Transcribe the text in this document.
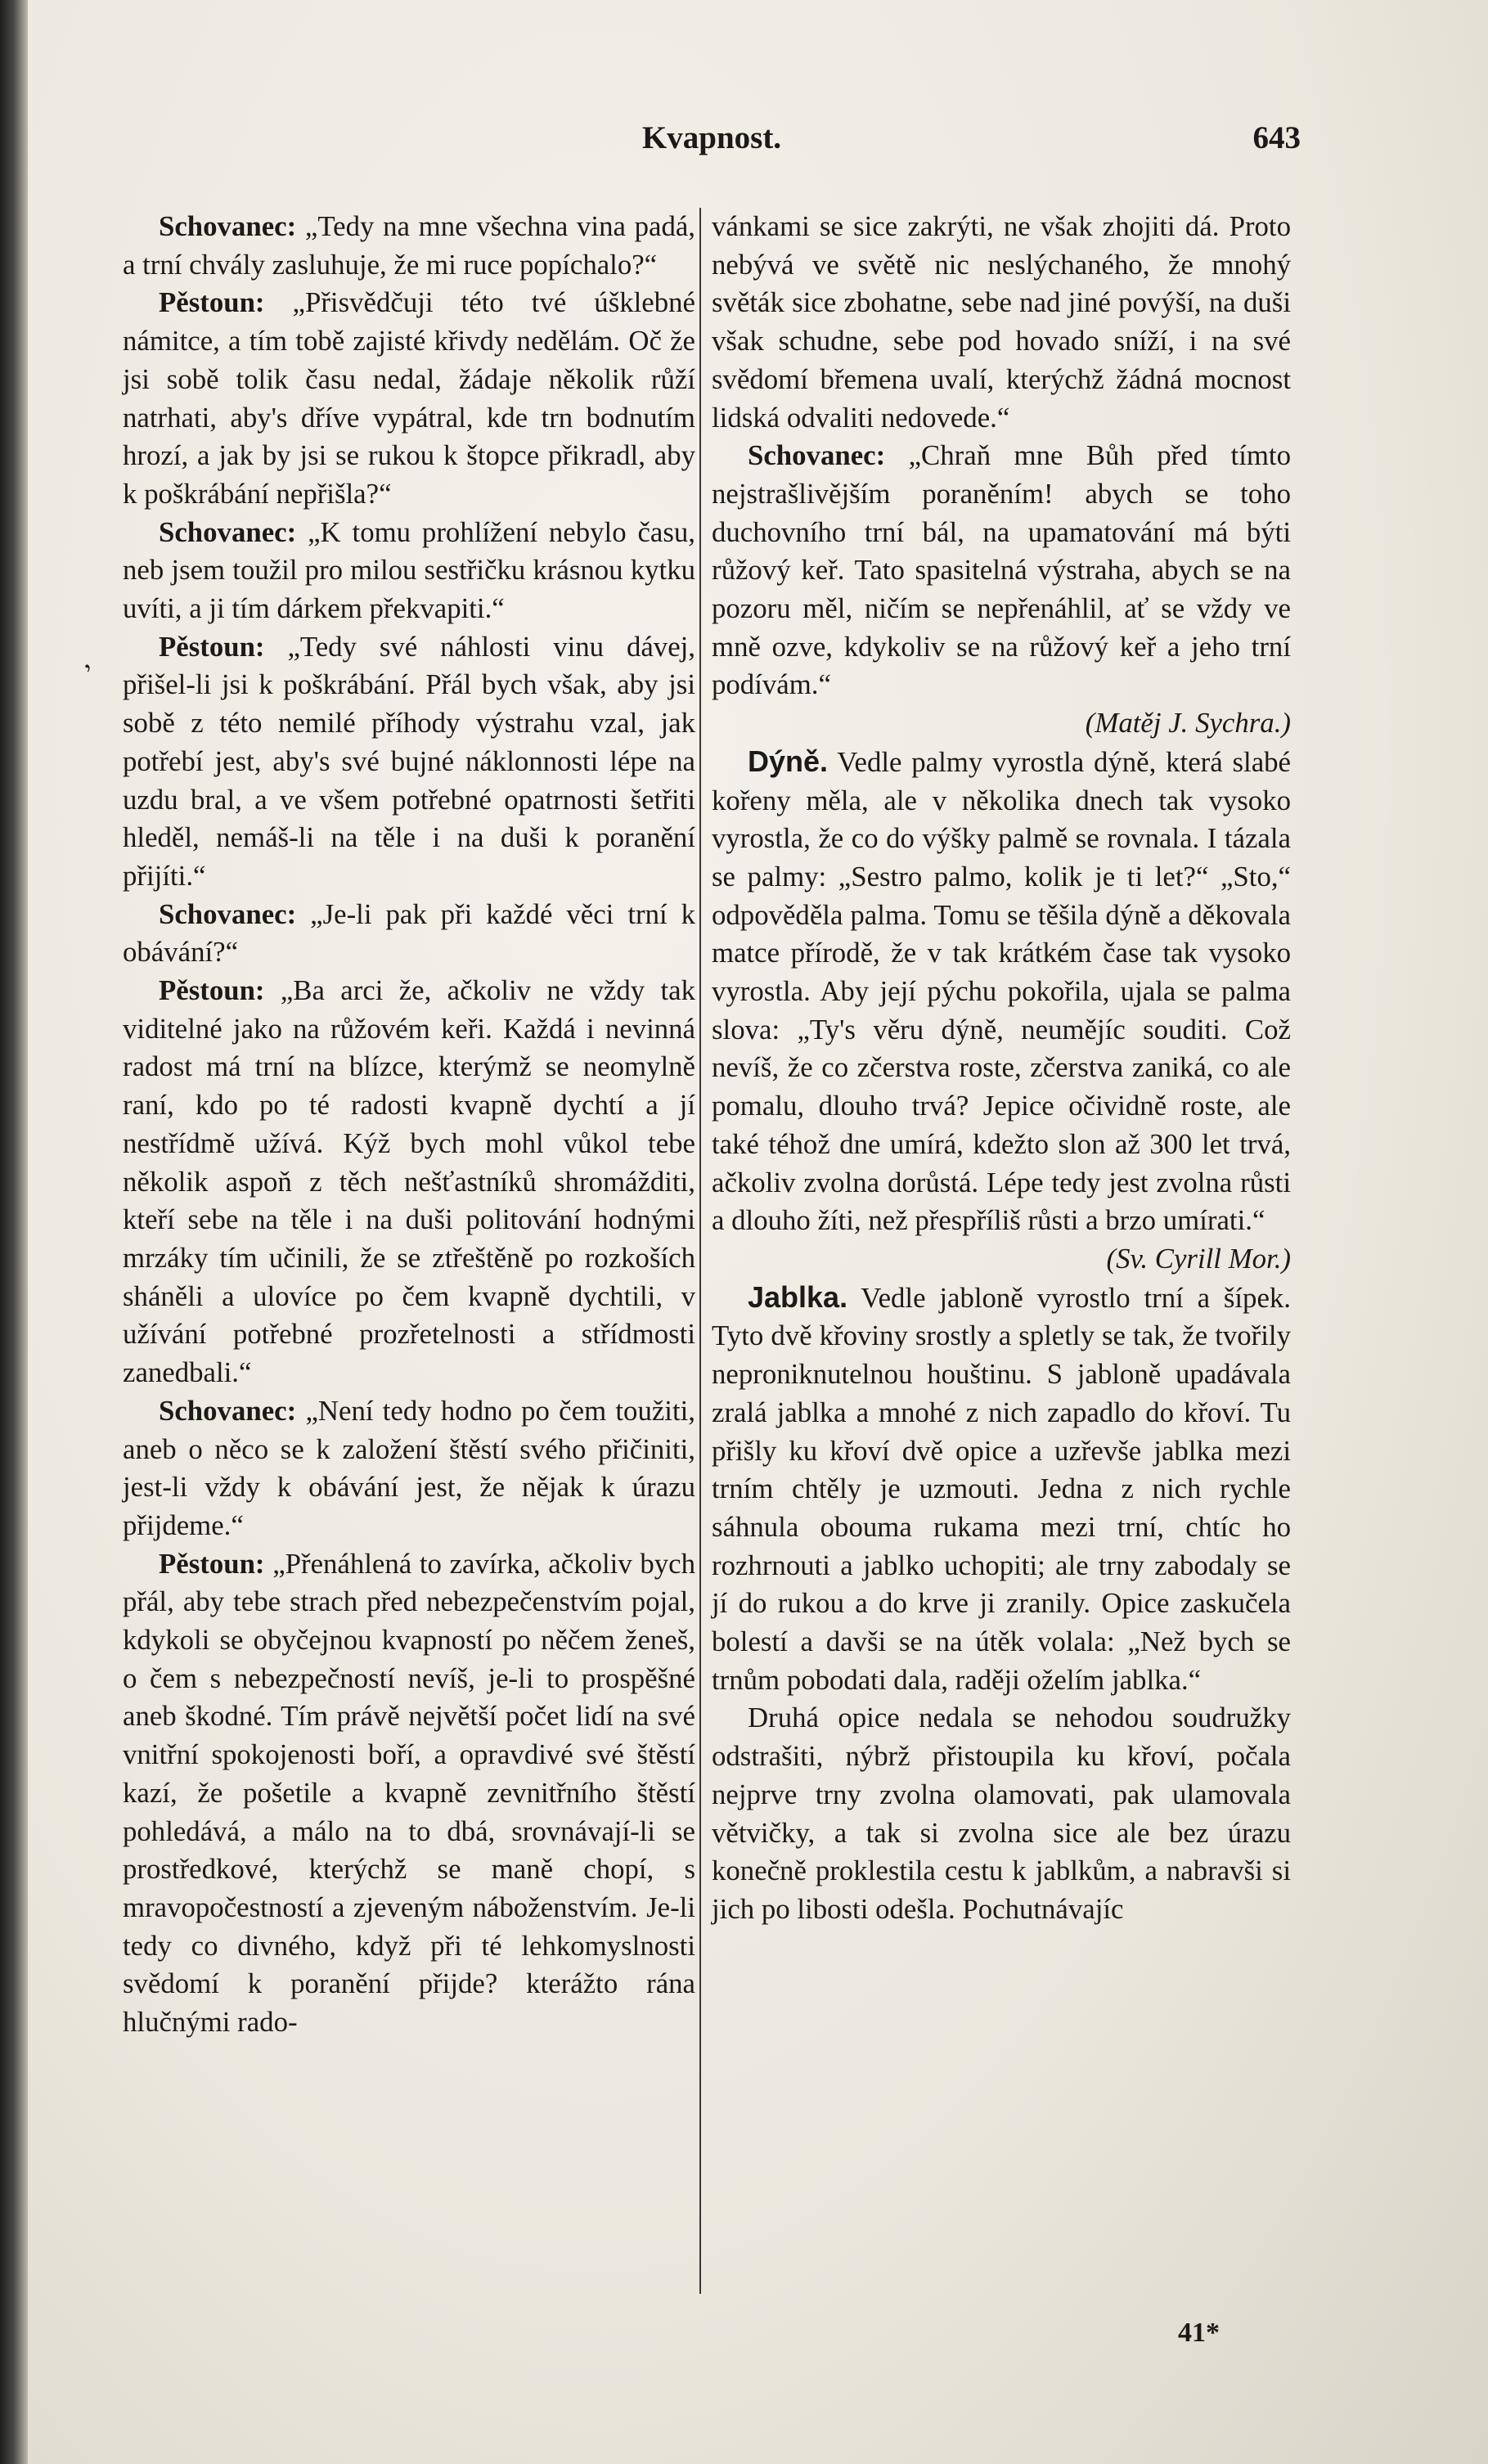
,
Kvapnost.	643

Schovanec: „Tedy na mne všechna vina padá, a trní chvály zasluhuje, že mi ruce popíchalo?“

Pěstoun: „Přisvědčuji této tvé úšklebné námitce, a tím tobě zajisté křivdy nedělám. Oč že jsi sobě tolik času nedal, žádaje několik růží natrhati, aby's dříve vypátral, kde trn bodnutím hrozí, a jak by jsi se rukou k štopce přikradl, aby k poškrábání nepřišla?“

Schovanec: „K tomu prohlížení nebylo času, neb jsem toužil pro milou sestřičku krásnou kytku uvíti, a ji tím dárkem překvapiti.“

Pěstoun: „Tedy své náhlosti vinu dávej, přišel-li jsi k poškrábání. Přál bych však, aby jsi sobě z této nemilé příhody výstrahu vzal, jak potřebí jest, aby's své bujné náklonnosti lépe na uzdu bral, a ve všem potřebné opatrnosti šetřiti hleděl, nemáš-li na těle i na duši k poranění přijíti.“

Schovanec: „Je-li pak při každé věci trní k obávání?“

Pěstoun: „Ba arci že, ačkoliv ne vždy tak viditelné jako na růžovém keři. Každá i nevinná radost má trní na blízce, kterýmž se neomylně raní, kdo po té radosti kvapně dychtí a jí nestřídmě užívá. Kýž bych mohl vůkol tebe několik aspoň z těch nešťastníků shromážditi, kteří sebe na těle i na duši politování hodnými mrzáky tím učinili, že se ztřeštěně po rozkoších sháněli a ulovíce po čem kvapně dychtili, v užívání potřebné prozřetelnosti a střídmosti zanedbali.“

Schovanec: „Není tedy hodno po čem toužiti, aneb o něco se k založení štěstí svého přičiniti, jest-li vždy k obávání jest, že nějak k úrazu přijdeme.“

Pěstoun: „Přenáhlená to zavírka, ačkoliv bych přál, aby tebe strach před nebezpečenstvím pojal, kdykoli se obyčejnou kvapností po něčem ženeš, o čem s nebezpečností nevíš, je-li to prospěšné aneb škodné. Tím právě největší počet lidí na své vnitřní spokojenosti boří, a opravdivé své štěstí kazí, že pošetile a kvapně zevnitřního štěstí pohledává, a málo na to dbá, srovnávají-li se prostředkové, kterýchž se maně chopí, s mravopočestností a zjeveným náboženstvím. Je-li tedy co divného, když při té lehkomyslnosti svědomí k poranění přijde? kterážto rána hlučnými rado-

vánkami se sice zakrýti, ne však zhojiti dá. Proto nebývá ve světě nic neslýchaného, že mnohý světák sice zbohatne, sebe nad jiné povýší, na duši však schudne, sebe pod hovado sníží, i na své svědomí břemena uvalí, kterýchž žádná mocnost lidská odvaliti nedovede.“

Schovanec: „Chraň mne Bůh před tímto nejstrašlivějším poraněním! abych se toho duchovního trní bál, na upamatování má býti růžový keř. Tato spasitelná výstraha, abych se na pozoru měl, ničím se nepřenáhlil, ať se vždy ve mně ozve, kdykoliv se na růžový keř a jeho trní podívám.“

(Matěj J. Sychra.)

Dýně. Vedle palmy vyrostla dýně, která slabé kořeny měla, ale v několika dnech tak vysoko vyrostla, že co do výšky palmě se rovnala. I tázala se palmy: „Sestro palmo, kolik je ti let?“ „Sto,“ odpověděla palma. Tomu se těšila dýně a děkovala matce přírodě, že v tak krátkém čase tak vysoko vyrostla. Aby její pýchu pokořila, ujala se palma slova: „Ty's věru dýně, neumějíc souditi. Což nevíš, že co zčerstva roste, zčerstva zaniká, co ale pomalu, dlouho trvá? Jepice očividně roste, ale také téhož dne umírá, kdežto slon až 300 let trvá, ačkoliv zvolna dorůstá. Lépe tedy jest zvolna růsti a dlouho žíti, než přespříliš růsti a brzo umírati.“

(Sv. Cyrill Mor.)

Jablka. Vedle jabloně vyrostlo trní a šípek. Tyto dvě křoviny srostly a spletly se tak, že tvořily neproniknutelnou houštinu. S jabloně upadávala zralá jablka a mnohé z nich zapadlo do křoví. Tu přišly ku křoví dvě opice a uzřevše jablka mezi trním chtěly je uzmouti. Jedna z nich rychle sáhnula oboumа rukama mezi trní, chtíc ho rozhrnouti a jablko uchopiti; ale trny zabodaly se jí do rukou a do krve ji zranily. Opice zaskučela bolestí a davši se na útěk volala: „Než bych se trnům pobodati dala, raději oželím jablka.“

Druhá opice nedala se nehodou soudružky odstrašiti, nýbrž přistoupila ku křoví, počala nejprve trny zvolna olamovati, pak ulamovala větvičky, a tak si zvolna sice ale bez úrazu konečně proklestila cestu k jablkům, a nabravši si jich po libosti odešla. Pochutnávajíc

41*
